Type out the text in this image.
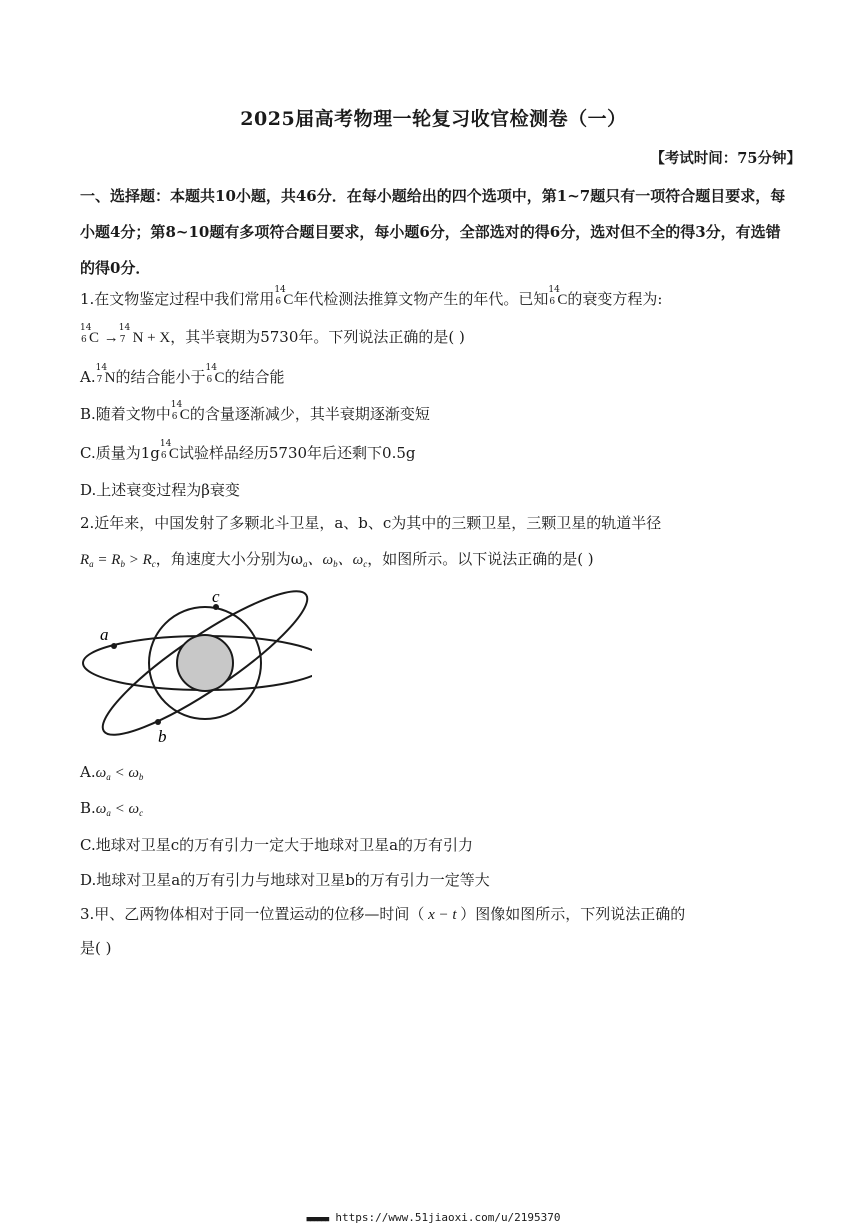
2025届高考物理一轮复习收官检测卷（一）
【考试时间：75分钟】
一、选择题：本题共10小题，共46分．在每小题给出的四个选项中，第1~7题只有一项符合题目要求，每小题4分；第8~10题有多项符合题目要求，每小题6分，全部选对的得6分，选对但不全的得3分，有选错的得0分．
1.在文物鉴定过程中我们常用 14
6 C年代检测法推算文物产生的年代。已知 14
6 C的衰变方程为:
14
6 C →
14
7 N + X，其半衰期为5730年。下列说法正确的是( )
A. 14
7 N的结合能小于 14
6 C的结合能
B.随着文物中 14
6 C的含量逐渐减少，其半衰期逐渐变短
C.质量为1g 14
6 C试验样品经历5730年后还剩下0.5g
D.上述衰变过程为β衰变
2.近年来，中国发射了多颗北斗卫星，a、b、c为其中的三颗卫星，三颗卫星的轨道半径
$R_a = R_b > R_c$，角速度大小分别为$\omega_a$、$\omega_b$、$\omega_c$，如图所示。以下说法正确的是( )
a
c
b
$A.\omega_a < \omega_b$
$B.\omega_a < \omega_c$
C.地球对卫星c的万有引力一定大于地球对卫星a的万有引力
D.地球对卫星a的万有引力与地球对卫星b的万有引力一定等大
3.甲、乙两物体相对于同一位置运动的位移—时间（ x − t ）图像如图所示，下列说法正确的
是( )
■■■■■■ https://www.51jiaoxi.com/u/2195370
